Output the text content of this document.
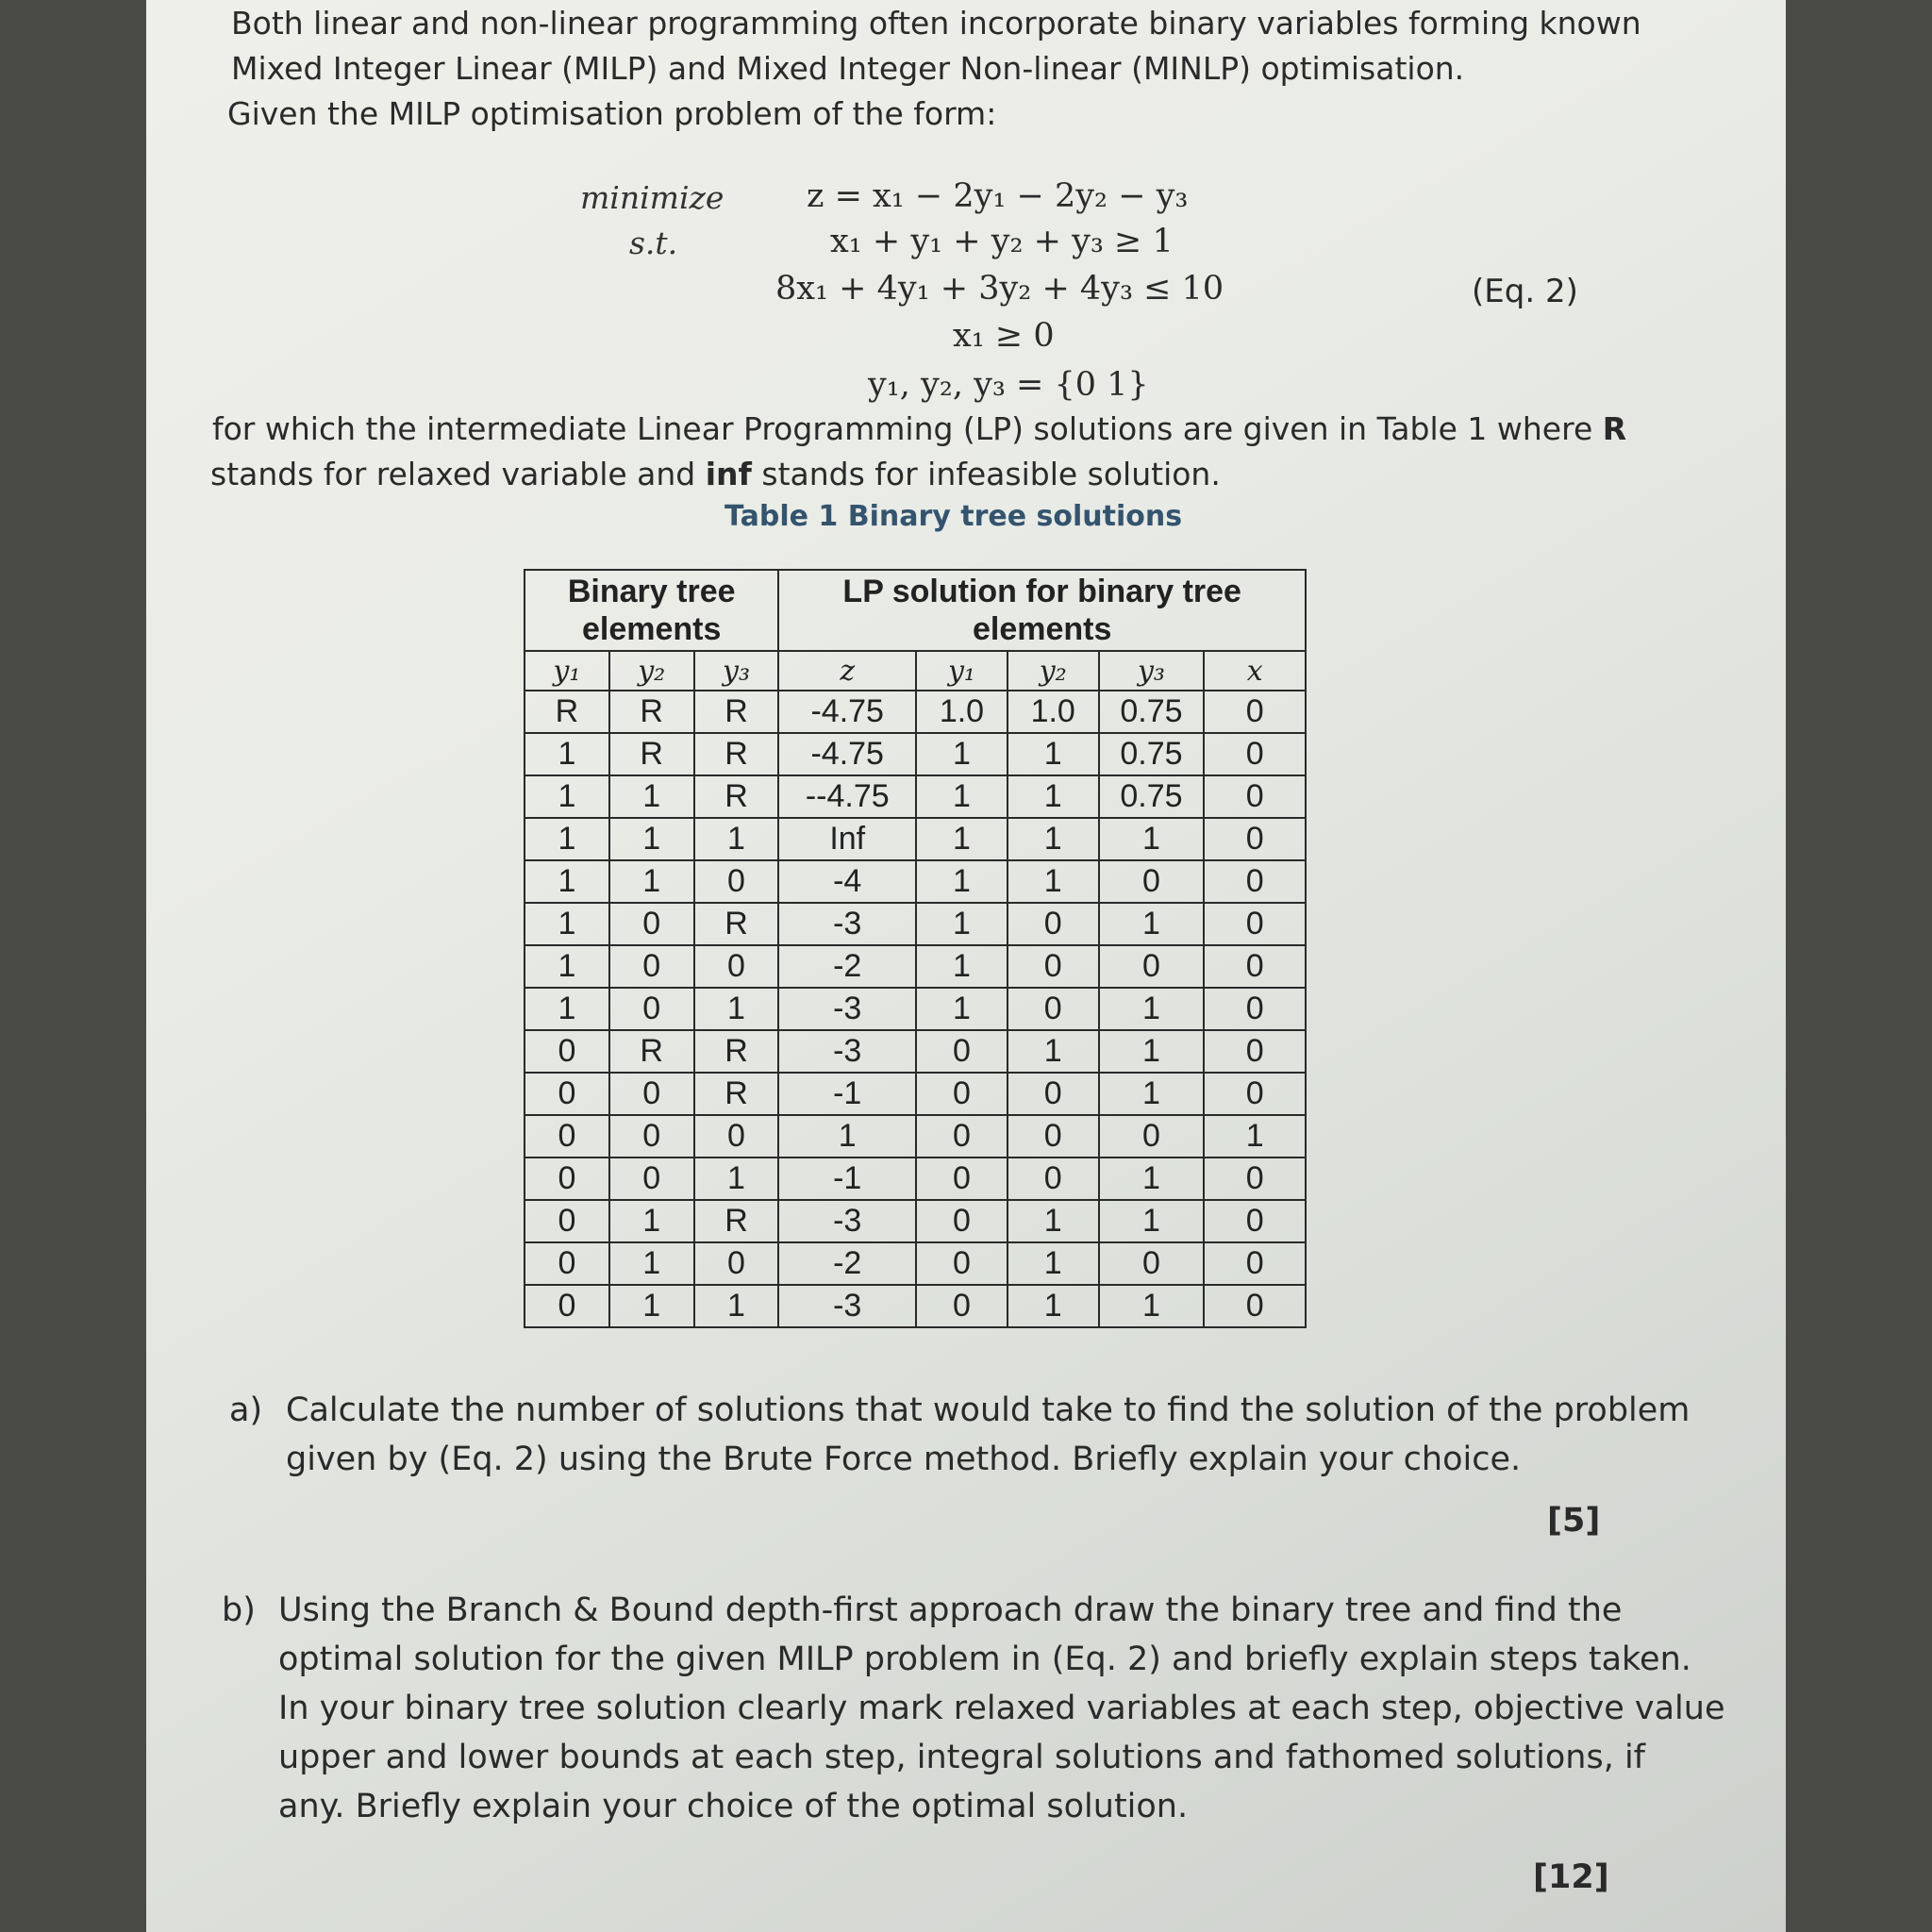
Both linear and non-linear programming often incorporate binary variables forming known

Mixed Integer Linear (MILP) and Mixed Integer Non-linear (MINLP) optimisation.

Given the MILP optimisation problem of the form:

minimize
s.t.
z = x₁ − 2y₁ − 2y₂ − y₃
x₁ + y₁ + y₂ + y₃ ≥ 1
8x₁ + 4y₁ + 3y₂ + 4y₃ ≤ 10
x₁ ≥ 0
y₁, y₂, y₃ = {0 1}
(Eq. 2)

for which the intermediate Linear Programming (LP) solutions are given in Table 1 where R

stands for relaxed variable and inf stands for infeasible solution.

Table 1 Binary tree solutions
Binary tree elements			LP solution for binary tree elements				
y₁	y₂	y₃	z	y₁	y₂	y₃	x
R	R	R	-4.75	1.0	1.0	0.75	0
1	R	R	-4.75	1	1	0.75	0
1	1	R	--4.75	1	1	0.75	0
1	1	1	Inf	1	1	1	0
1	1	0	-4	1	1	0	0
1	0	R	-3	1	0	1	0
1	0	0	-2	1	0	0	0
1	0	1	-3	1	0	1	0
0	R	R	-3	0	1	1	0
0	0	R	-1	0	0	1	0
0	0	0	1	0	0	0	1
0	0	1	-1	0	0	1	0
0	1	R	-3	0	1	1	0
0	1	0	-2	0	1	0	0
0	1	1	-3	0	1	1	0
a) Calculate the number of solutions that would take to find the solution of the problem
given by (Eq. 2) using the Brute Force method. Briefly explain your choice.
[5]
b) Using the Branch & Bound depth-first approach draw the binary tree and find the
optimal solution for the given MILP problem in (Eq. 2) and briefly explain steps taken.
In your binary tree solution clearly mark relaxed variables at each step, objective value
upper and lower bounds at each step, integral solutions and fathomed solutions, if
any. Briefly explain your choice of the optimal solution.
[12]
